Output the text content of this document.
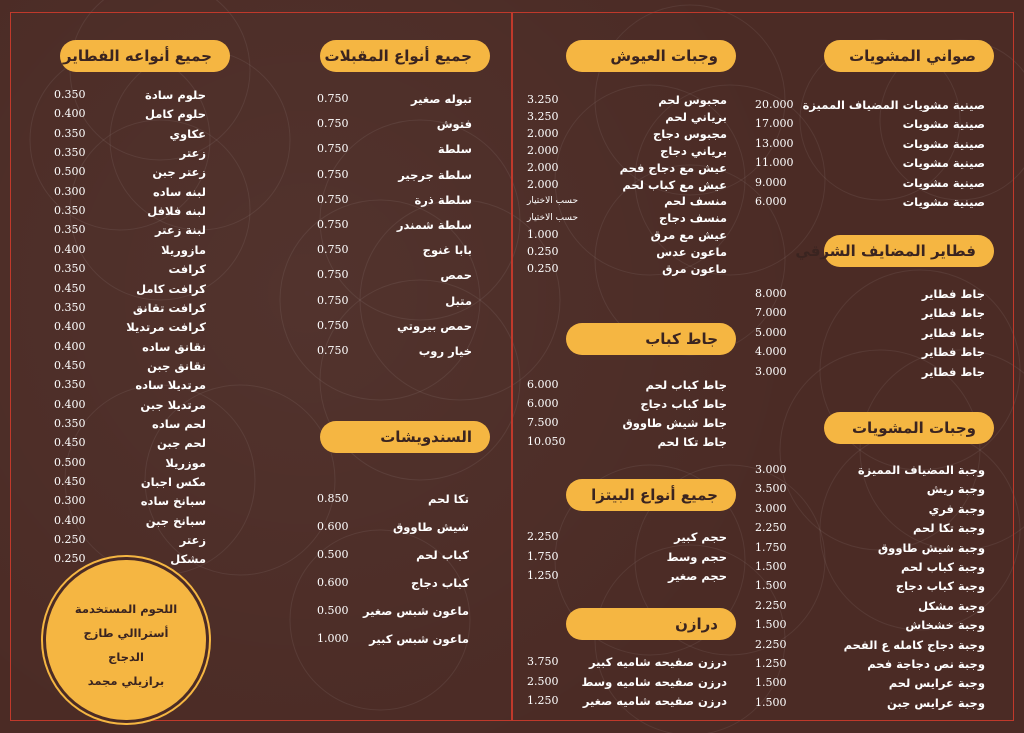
صواني المشويات
20.000 صينية مشويات المضياف المميزة
17.000	صينية مشويات
13.000	صينية مشويات
11.000	صينية مشويات
9.000	صينية مشويات
6.000	صينية مشويات
فطاير المضايف الشرقي
8.000	جاط فطاير
7.000	جاط فطاير
5.000	جاط فطاير
4.000	جاط فطاير
3.000	جاط فطاير
وجبات المشويات
3.000	وجبة المضياف المميزة
3.500	وجبة ريش
3.000	وجبة فري
2.250	وجبة تكا لحم
1.750	وجبة شيش طاووق
1.500	وجبة كباب لحم
1.500	وجبة كباب دجاج
2.250	وجبة مشكل
1.500	وجبة خشخاش
2.250	وجبة دجاج كامله ع الفحم
1.250	وجبة نص دجاجة فحم
1.500	وجبة عرايس لحم
1.500	وجبة عرايس جبن
وجبات العيوش
3.250	مجبوس لحم
3.250	برياني لحم
2.000	مجبوس دجاج
2.000	برياني دجاج
2.000	عيش مع دجاج فحم
2.000	عيش مع كباب لحم
حسب الاختيار	منسف لحم
حسب الاختيار	منسف دجاج
1.000	عيش مع مرق
0.250	ماعون عدس
0.250	ماعون مرق
جاط كباب
6.000	جاط كباب لحم
6.000	جاط كباب دجاج
7.500	جاط شيش طاووق
10.050	جاط تكا لحم
جميع أنواع البيتزا
2.250	حجم كبير
1.750	حجم وسط
1.250	حجم صغير
درازن
3.750	درزن صفيحه شاميه كبير
2.500 درزن صفيحه شاميه وسط
1.250 درزن صفيحه شاميه صغير
جميع أنواع المقبلات
0.750	تبوله صغير
0.750	فتوش
0.750	سلطة
0.750	سلطة جرجير
0.750	سلطة ذرة
0.750	سلطة شمندر
0.750	بابا غنوج
0.750	حمص
0.750	متبل
0.750	حمص بيروتي
0.750	خيار روب
السندويشات
0.850	تكا لحم
0.600	شيش طاووق
0.500	كباب لحم
0.600	كباب دجاج
0.500 ماعون شبس صغير
1.000 ماعون شبس كبير
جميع أنواعه الفطاير
0.350	حلوم سادة
0.400	حلوم كامل
0.350	عكاوي
0.350	زعتر
0.500	زعتر جبن
0.300	لبنه ساده
0.350	لبنه فلافل
0.350	لبنة زعتر
0.400	مازوريلا
0.350	كرافت
0.450	كرافت كامل
0.350	كرافت تقانق
0.400	كرافت مرتديلا
0.400	نقانق ساده
0.450	نقانق جبن
0.350	مرتديلا ساده
0.400	مرتديلا جبن
0.350	لحم ساده
0.450	لحم جبن
0.500	موزريلا
0.450	مكس اجبان
0.300	سبانخ ساده
0.400	سبانخ جبن
0.250	زعتر
0.250	مشكل
اللحوم المستخدمة
أستراالي طازج
الدجاج
برازيلي مجمد
